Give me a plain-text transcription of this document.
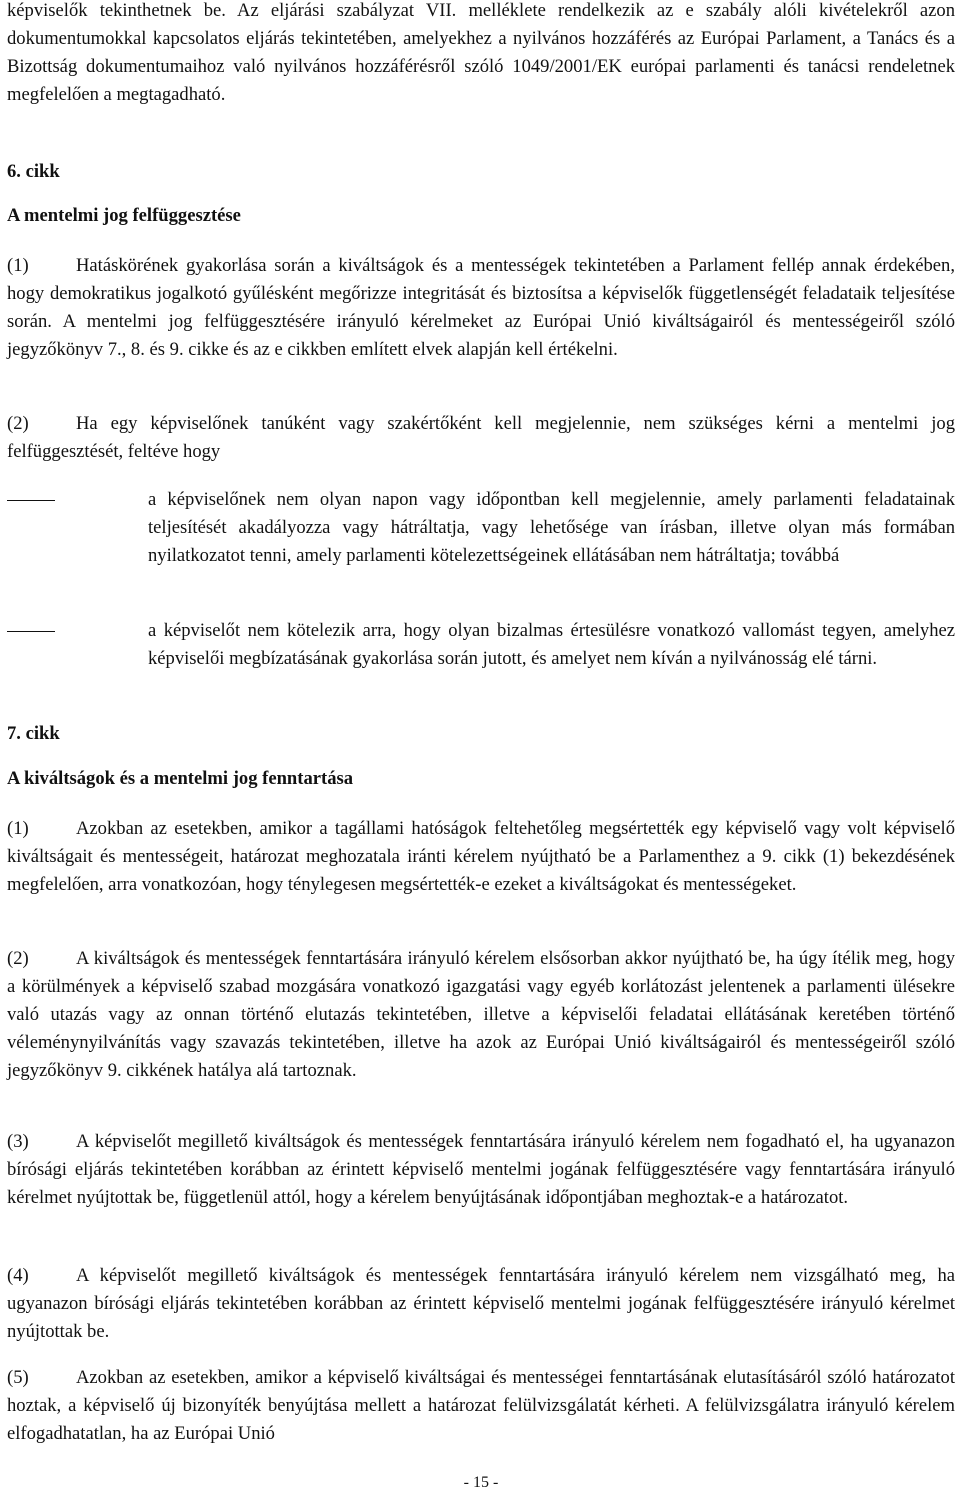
képviselők tekinthetnek be. Az eljárási szabályzat VII. melléklete rendelkezik az e szabály alóli kivételekről azon dokumentumokkal kapcsolatos eljárás tekintetében, amelyekhez a nyilvános hozzáférés az Európai Parlament, a Tanács és a Bizottság dokumentumaihoz való nyilvános hozzáférésről szóló 1049/2001/EK európai parlamenti és tanácsi rendeletnek megfelelően a megtagadható.

6. cikk

A mentelmi jog felfüggesztése

(1)	Hatáskörének gyakorlása során a kiváltságok és a mentességek tekintetében a Parlament fellép annak érdekében, hogy demokratikus jogalkotó gyűlésként megőrizze integritását és biztosítsa a képviselők függetlenségét feladataik teljesítése során. A mentelmi jog felfüggesztésére irányuló kérelmeket az Európai Unió kiváltságairól és mentességeiről szóló jegyzőkönyv 7., 8. és 9. cikke és az e cikkben említett elvek alapján kell értékelni.

(2)	Ha egy képviselőnek tanúként vagy szakértőként kell megjelennie, nem szükséges kérni a mentelmi jog felfüggesztését, feltéve hogy

a képviselőnek nem olyan napon vagy időpontban kell megjelennie, amely parlamenti feladatainak teljesítését akadályozza vagy hátráltatja, vagy lehetősége van írásban, illetve olyan más formában nyilatkozatot tenni, amely parlamenti kötelezettségeinek ellátásában nem hátráltatja; továbbá
a képviselőt nem kötelezik arra, hogy olyan bizalmas értesülésre vonatkozó vallomást tegyen, amelyhez képviselői megbízatásának gyakorlása során jutott, és amelyet nem kíván a nyilvánosság elé tárni.

7. cikk

A kiváltságok és a mentelmi jog fenntartása

(1)	Azokban az esetekben, amikor a tagállami hatóságok feltehetőleg megsértették egy képviselő vagy volt képviselő kiváltságait és mentességeit, határozat meghozatala iránti kérelem nyújtható be a Parlamenthez a 9. cikk (1) bekezdésének megfelelően, arra vonatkozóan, hogy ténylegesen megsértették-e ezeket a kiváltságokat és mentességeket.

(2)	A kiváltságok és mentességek fenntartására irányuló kérelem elsősorban akkor nyújtható be, ha úgy ítélik meg, hogy a körülmények a képviselő szabad mozgására vonatkozó igazgatási vagy egyéb korlátozást jelentenek a parlamenti ülésekre való utazás vagy az onnan történő elutazás tekintetében, illetve a képviselői feladatai ellátásának keretében történő véleménynyilvánítás vagy szavazás tekintetében, illetve ha azok az Európai Unió kiváltságairól és mentességeiről szóló jegyzőkönyv 9. cikkének hatálya alá tartoznak.

(3)	A képviselőt megillető kiváltságok és mentességek fenntartására irányuló kérelem nem fogadható el, ha ugyanazon bírósági eljárás tekintetében korábban az érintett képviselő mentelmi jogának felfüggesztésére vagy fenntartására irányuló kérelmet nyújtottak be, függetlenül attól, hogy a kérelem benyújtásának időpontjában meghoztak-e a határozatot.

(4)	A képviselőt megillető kiváltságok és mentességek fenntartására irányuló kérelem nem vizsgálható meg, ha ugyanazon bírósági eljárás tekintetében korábban az érintett képviselő mentelmi jogának felfüggesztésére irányuló kérelmet nyújtottak be.

(5)	Azokban az esetekben, amikor a képviselő kiváltságai és mentességei fenntartásának elutasításáról szóló határozatot hoztak, a képviselő új bizonyíték benyújtása mellett a határozat felülvizsgálatát kérheti. A felülvizsgálatra irányuló kérelem elfogadhatatlan, ha az Európai Unió

- 15 -
